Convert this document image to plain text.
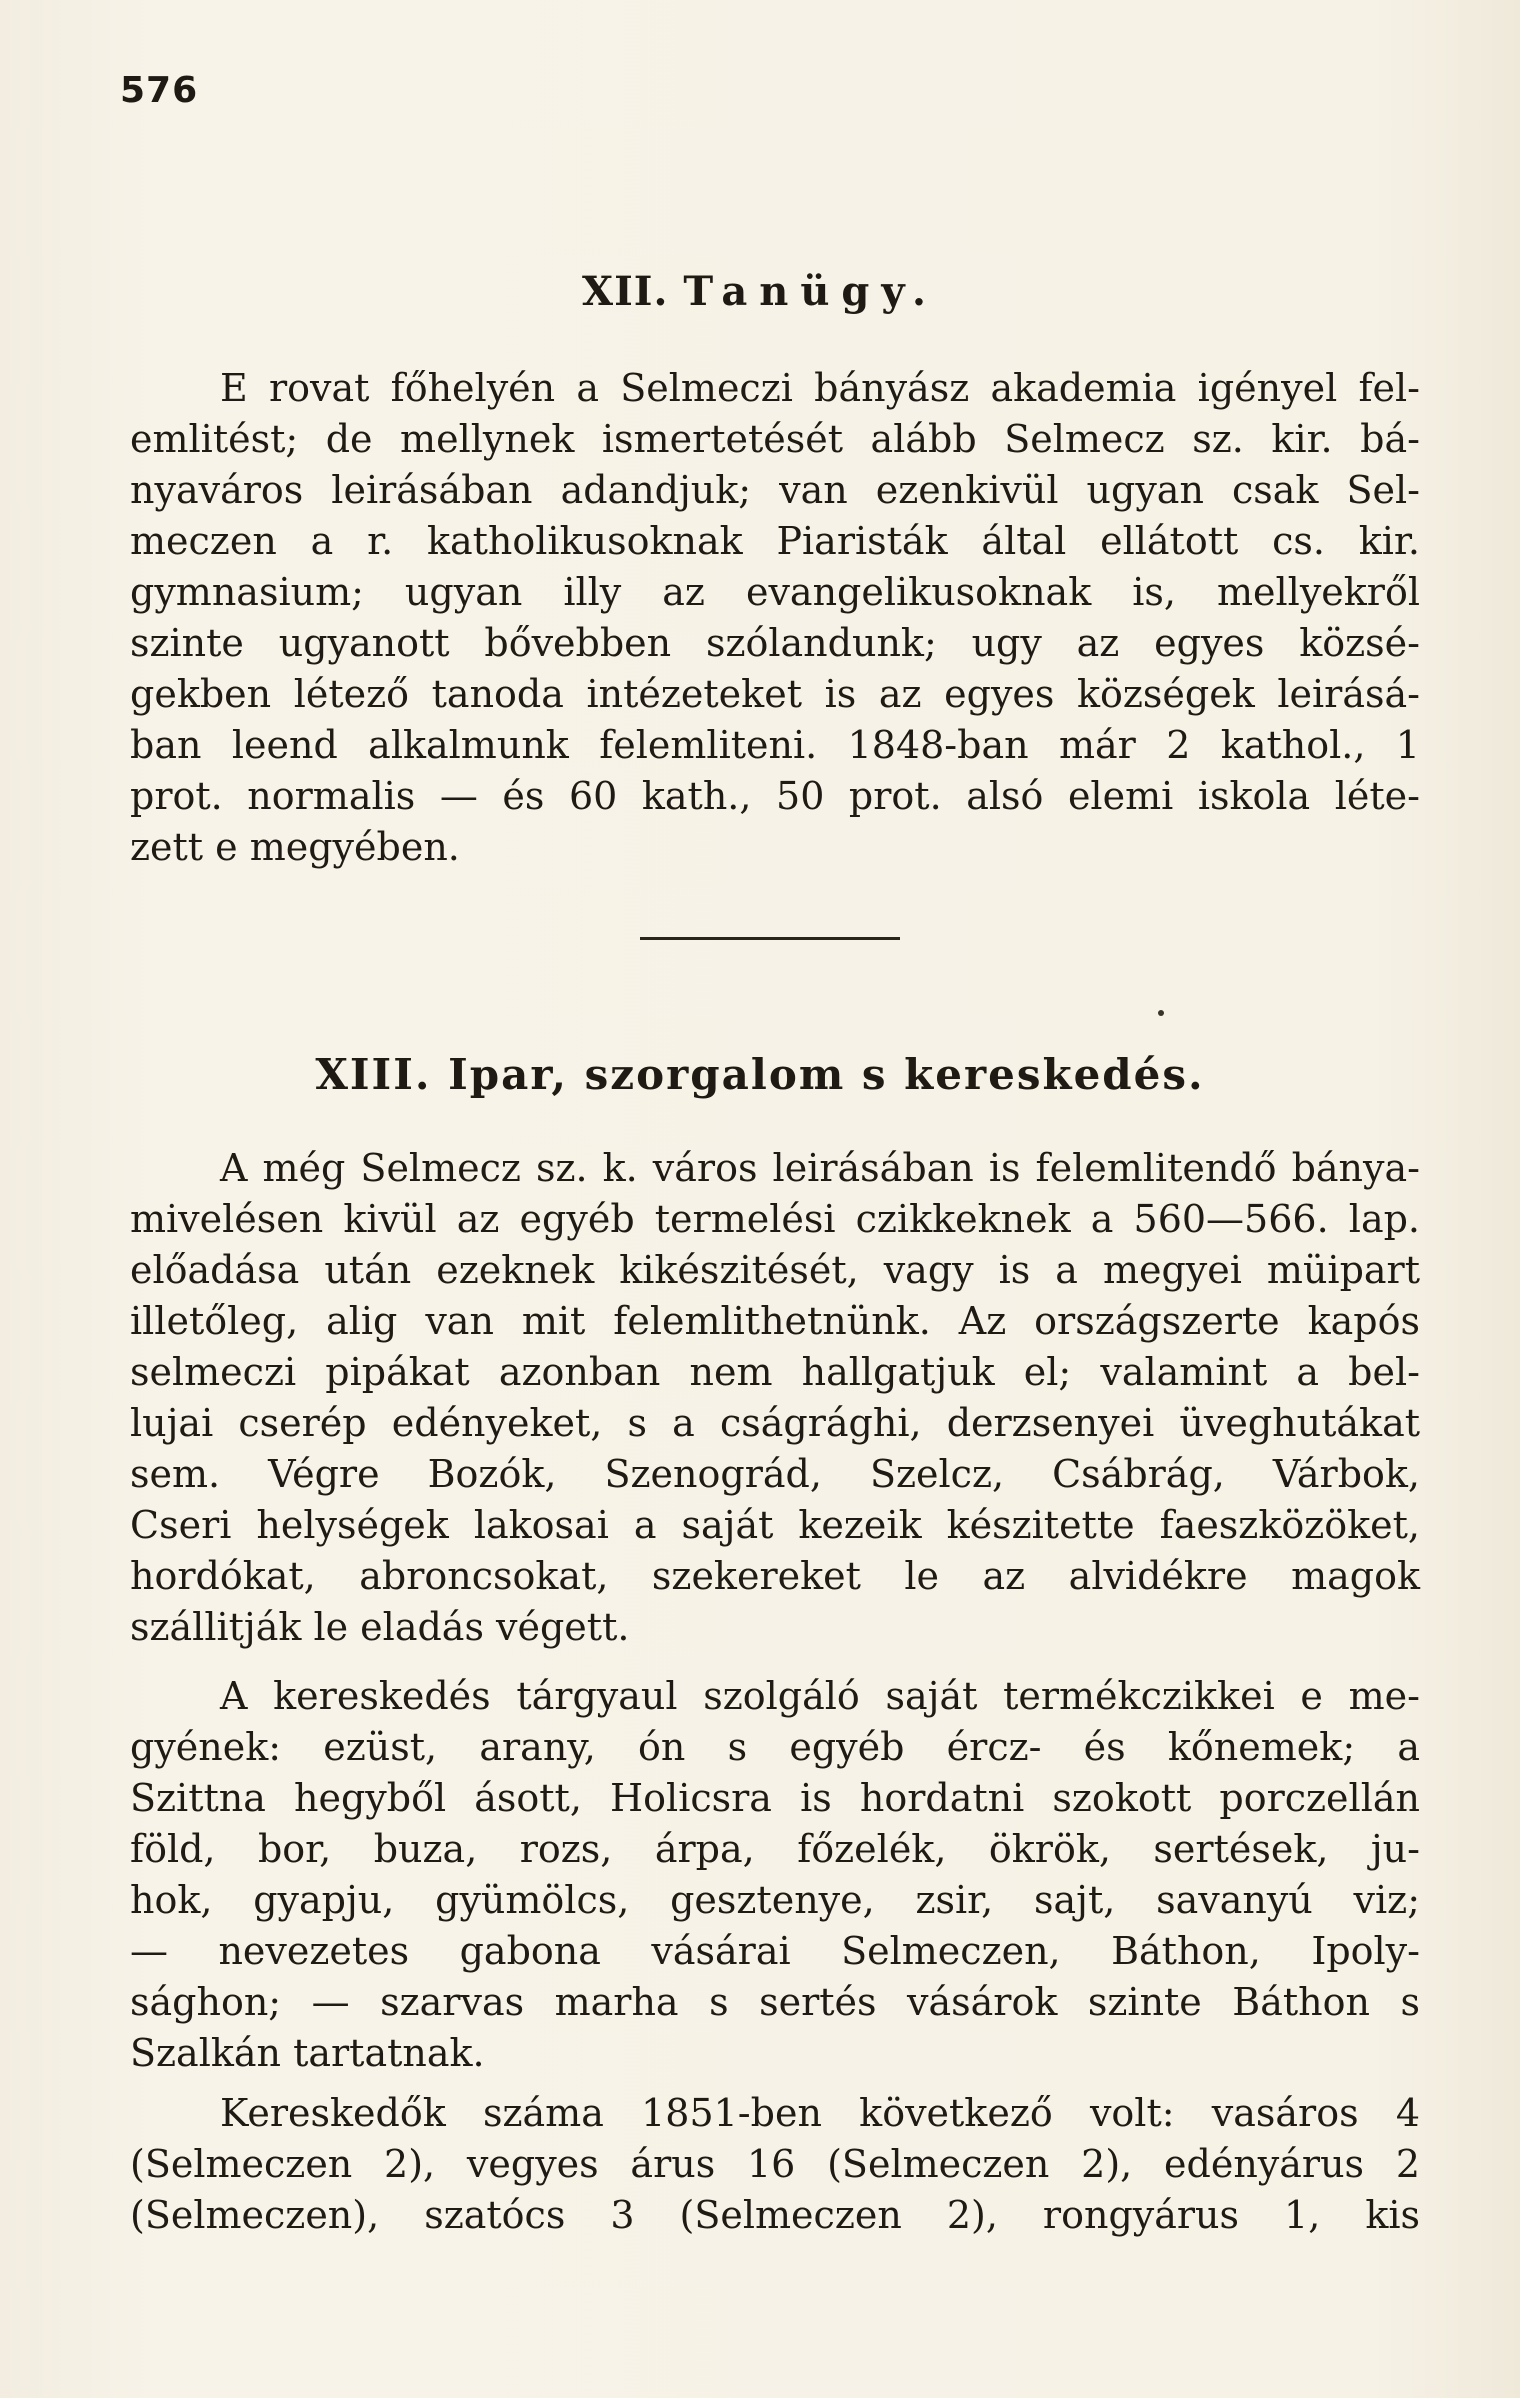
576
XII. Tanügy.
E rovat főhelyén a Selmeczi bányász akademia igényel fel-
emlitést; de mellynek ismertetését alább Selmecz sz. kir. bá-
nyaváros leirásában adandjuk; van ezenkivül ugyan csak Sel-
meczen a r. katholikusoknak Piaristák által ellátott cs. kir.
gymnasium; ugyan illy az evangelikusoknak is, mellyekről
szinte ugyanott bővebben szólandunk; ugy az egyes közsé-
gekben létező tanoda intézeteket is az egyes községek leirásá-
ban leend alkalmunk felemliteni. 1848-ban már 2 kathol., 1
prot. normalis — és 60 kath., 50 prot. alsó elemi iskola léte-
zett e megyében.
XIII. Ipar, szorgalom s kereskedés.
A még Selmecz sz. k. város leirásában is felemlitendő bánya-
mivelésen kivül az egyéb termelési czikkeknek a 560—566. lap.
előadása után ezeknek kikészitését, vagy is a megyei müipart
illetőleg, alig van mit felemlithetnünk. Az országszerte kapós
selmeczi pipákat azonban nem hallgatjuk el; valamint a bel-
lujai cserép edényeket, s a cságrághi, derzsenyei üveghutákat
sem. Végre Bozók, Szenográd, Szelcz, Csábrág, Várbok,
Cseri helységek lakosai a saját kezeik készitette faeszközöket,
hordókat, abroncsokat, szekereket le az alvidékre magok
szállitják le eladás végett.
A kereskedés tárgyaul szolgáló saját termékczikkei e me-
gyének: ezüst, arany, ón s egyéb ércz- és kőnemek; a
Szittna hegyből ásott, Holicsra is hordatni szokott porczellán
föld, bor, buza, rozs, árpa, főzelék, ökrök, sertések, ju-
hok, gyapju, gyümölcs, gesztenye, zsir, sajt, savanyú viz;
— nevezetes gabona vásárai Selmeczen, Báthon, Ipoly-
sághon; — szarvas marha s sertés vásárok szinte Báthon s
Szalkán tartatnak.
Kereskedők száma 1851-ben következő volt: vasáros 4
(Selmeczen 2), vegyes árus 16 (Selmeczen 2), edényárus 2
(Selmeczen), szatócs 3 (Selmeczen 2), rongyárus 1, kis
